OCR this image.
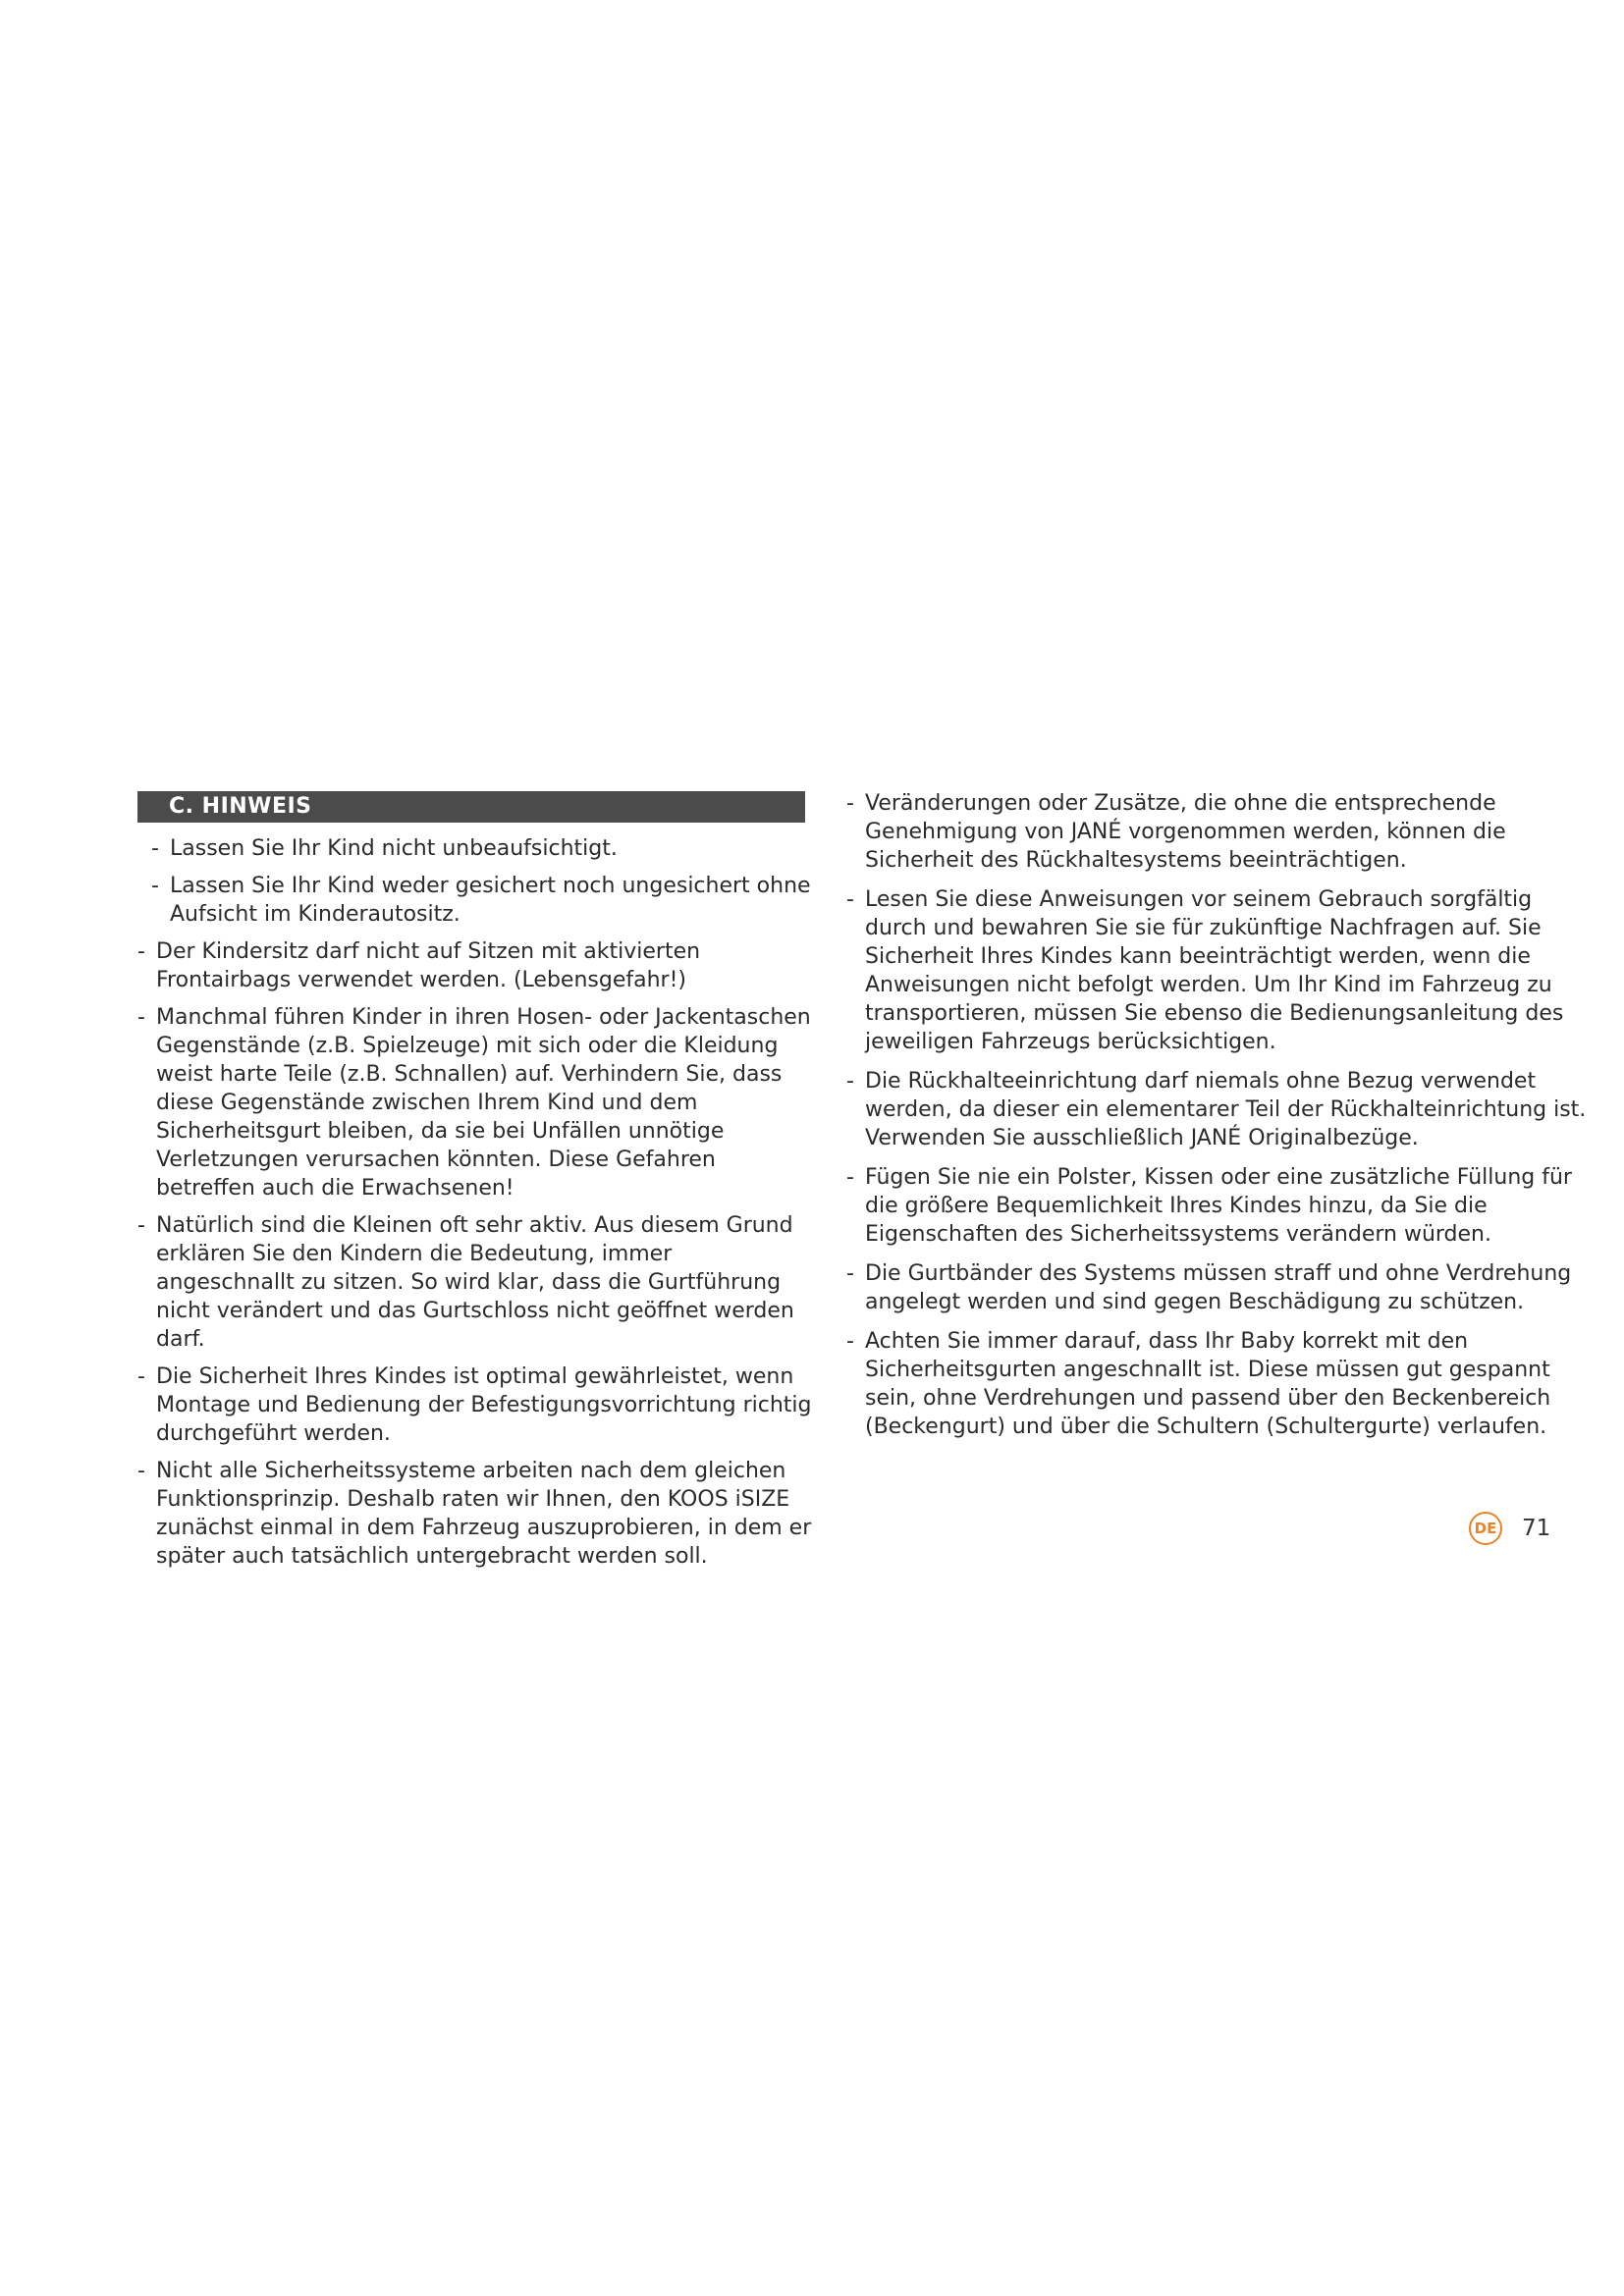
C. HINWEIS
- Lassen Sie Ihr Kind nicht unbeaufsichtigt.
- Lassen Sie Ihr Kind weder gesichert noch ungesichert ohne Aufsicht im Kinderautositz.
- Der Kindersitz darf nicht auf Sitzen mit aktivierten Frontairbags verwendet werden. (Lebensgefahr!)
- Manchmal führen Kinder in ihren Hosen- oder Jackentaschen Gegenstände (z.B. Spielzeuge) mit sich oder die Kleidung weist harte Teile (z.B. Schnallen) auf. Verhindern Sie, dass diese Gegenstände zwischen Ihrem Kind und dem Sicherheitsgurt bleiben, da sie bei Unfällen unnötige Verletzungen verursachen könnten. Diese Gefahren betreffen auch die Erwachsenen!
- Natürlich sind die Kleinen oft sehr aktiv. Aus diesem Grund erklären Sie den Kindern die Bedeutung, immer angeschnallt zu sitzen. So wird klar, dass die Gurtführung nicht verändert und das Gurtschloss nicht geöffnet werden darf.
- Die Sicherheit Ihres Kindes ist optimal gewährleistet, wenn Montage und Bedienung der Befestigungsvorrichtung richtig durchgeführt werden.
- Nicht alle Sicherheitssysteme arbeiten nach dem gleichen Funktionsprinzip. Deshalb raten wir Ihnen, den KOOS iSIZE zunächst einmal in dem Fahrzeug auszuprobieren, in dem er später auch tatsächlich untergebracht werden soll.
- Veränderungen oder Zusätze, die ohne die entsprechende Genehmigung von JANÉ vorgenommen werden, können die Sicherheit des Rückhaltesystems beeinträchtigen.
- Lesen Sie diese Anweisungen vor seinem Gebrauch sorgfältig durch und bewahren Sie sie für zukünftige Nachfragen auf. Sie Sicherheit Ihres Kindes kann beeinträchtigt werden, wenn die Anweisungen nicht befolgt werden. Um Ihr Kind im Fahrzeug zu transportieren, müssen Sie ebenso die Bedienungsanleitung des jeweiligen Fahrzeugs berücksichtigen.
- Die Rückhalteeinrichtung darf niemals ohne Bezug verwendet werden, da dieser ein elementarer Teil der Rückhalteinrichtung ist. Verwenden Sie ausschließlich JANÉ Originalbezüge.
- Fügen Sie nie ein Polster, Kissen oder eine zusätzliche Füllung für die größere Bequemlichkeit Ihres Kindes hinzu, da Sie die Eigenschaften des Sicherheitssystems verändern würden.
- Die Gurtbänder des Systems müssen straff und ohne Verdrehung angelegt werden und sind gegen Beschädigung zu schützen.
- Achten Sie immer darauf, dass Ihr Baby korrekt mit den Sicherheitsgurten angeschnallt ist. Diese müssen gut gespannt sein, ohne Verdrehungen und passend über den Beckenbereich (Beckengurt) und über die Schultern (Schultergurte) verlaufen.
DE 71
